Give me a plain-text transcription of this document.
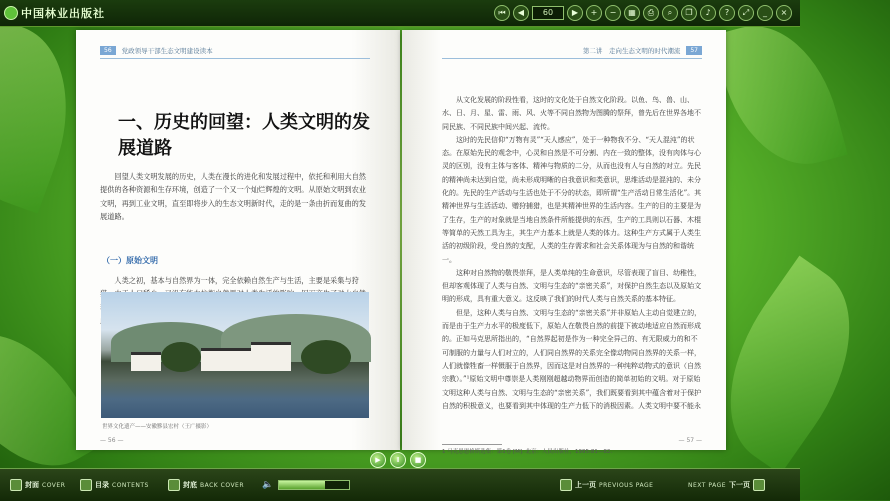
中国林业出版社	⏮	◀	60	▶	+	−	▦	⎙	⌕	❐	♪	?	⤢	_	×
56	党政领导干部生态文明建设读本
一、历史的回望：人类文明的发展道路

回望人类文明发展的历史，人类在漫长的进化和发展过程中，依托和利用大自然提供的各种资源和生存环境，创造了一个又一个灿烂辉煌的文明。从原始文明到农业文明，再到工业文明，直至即将步入的生态文明新时代，走的是一条由折而复曲的发展道路。

（一）原始文明

人类之初，基本与自然界为一体，完全依赖自然生产与生活，主要是采集与狩

世界文化遗产——安徽黟县宏村（王广摄影）
— 56 —
第二讲　走向生态文明的时代潮流	57

从文化发展的阶段性看，这时的文化处于自然文化阶段。以鱼、鸟、兽、山、水、日、月、星、雷、雨、风、火等不同自然物为图腾的祭拜，曾先后在世界各地不同民族、不同民族中间兴起、流传。

这时的先民信仰“万物有灵”“天人感应”，处于一种物我不分、“天人混沌”的状态。在原始先民的观念中，心灵和自然是不可分割、内在一致的整体，没有肉体与心灵的区别，没有主体与客体、精神与物质的二分，从而也没有人与自然的对立。先民的精神尚未达到自觉，尚未形成明晰的自我意识和类意识，思维活动是混沌的、未分化的。先民的生产活动与生活也处于不分的状态，即所谓“生产活动日常生活化”。其精神世界与生活活动、赠狩捕猎，也是其精神世界的生活内容。生产的目的主要是为了生存，生产的对象就是当地自然条件所能提供的东西，生产的工具则以石器、木棍等简单的天然工具为主，其生产力基本上就是人类的体力。这种生产方式属于人类生活的初级阶段，受自然的支配，人类的生存需求和社会关系体现为与自然的和谐统一。

这种对自然物的敬畏崇拜，是人类单纯的生命意识，尽管表现了盲目、幼稚性，但却客观体现了人类与自然、文明与生态的“亲密关系”，对保护自然生态以及原始文明的形成，具有重大意义。这反映了我们的时代人类与自然关系的基本特征。

但是，这种人类与自然、文明与生态的“亲密关系”并非原始人主动自觉建立的，而是由于生产力水平的极度低下，原始人在敬畏自然的前提下被动地适应自然而形成的。正如马克思所指出的，“自然界起初是作为一种完全异己的、有无限威力的和不可制服的力量与人们对立的，人们同自然界的关系完全像动物同自然界的关系一样，人们就像牲畜一样慑服于自然界，因而这是对自然界的一种纯粹动物式的意识（自然宗教）。”¹原始文明中尊崇是人类刚刚超越动物界而创造的简单初始的文明。对于原始文明这种人类与自然、文明与生态的“亲密关系”，我们既要看到其中蕴含着对于保护自然的积极意义，也要看到其中体现的生产力低下的消极因素。人类文明中要不能永

1 马克思恩格斯选集：第1卷 [M]. 北京：人民出版社，1995:81—82.
— 57 —
▶	Ⅱ	■
封面 COVER	目录 CONTENTS	封底 BACK COVER 🔈	上一页 PREVIOUS PAGE	NEXT PAGE 下一页
